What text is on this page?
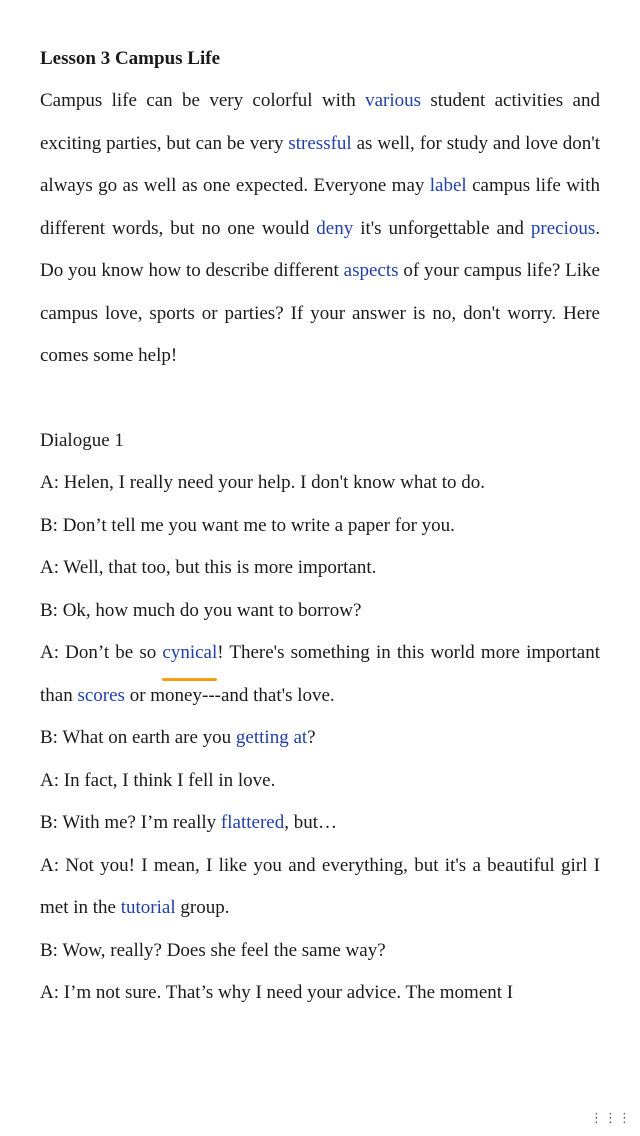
Lesson 3 Campus Life

Campus life can be very colorful with various student activities and exciting parties, but can be very stressful as well, for study and love don't always go as well as one expected. Everyone may label campus life with different words, but no one would deny it's unforgettable and precious. Do you know how to describe different aspects of your campus life? Like campus love, sports or parties? If your answer is no, don't worry. Here comes some help!

Dialogue 1

A: Helen, I really need your help. I don't know what to do.

B: Don’t tell me you want me to write a paper for you.

A: Well, that too, but this is more important.

B: Ok, how much do you want to borrow?

A: Don’t be so cynical! There's something in this world more important than scores or money---and that's love.

B: What on earth are you getting at?

A: In fact, I think I fell in love.

B: With me? I’m really flattered, but…

A: Not you! I mean, I like you and everything, but it's a beautiful girl I met in the tutorial group.

B: Wow, really? Does she feel the same way?

A: I’m not sure. That’s why I need your advice. The moment I

⋮⋮⋮
